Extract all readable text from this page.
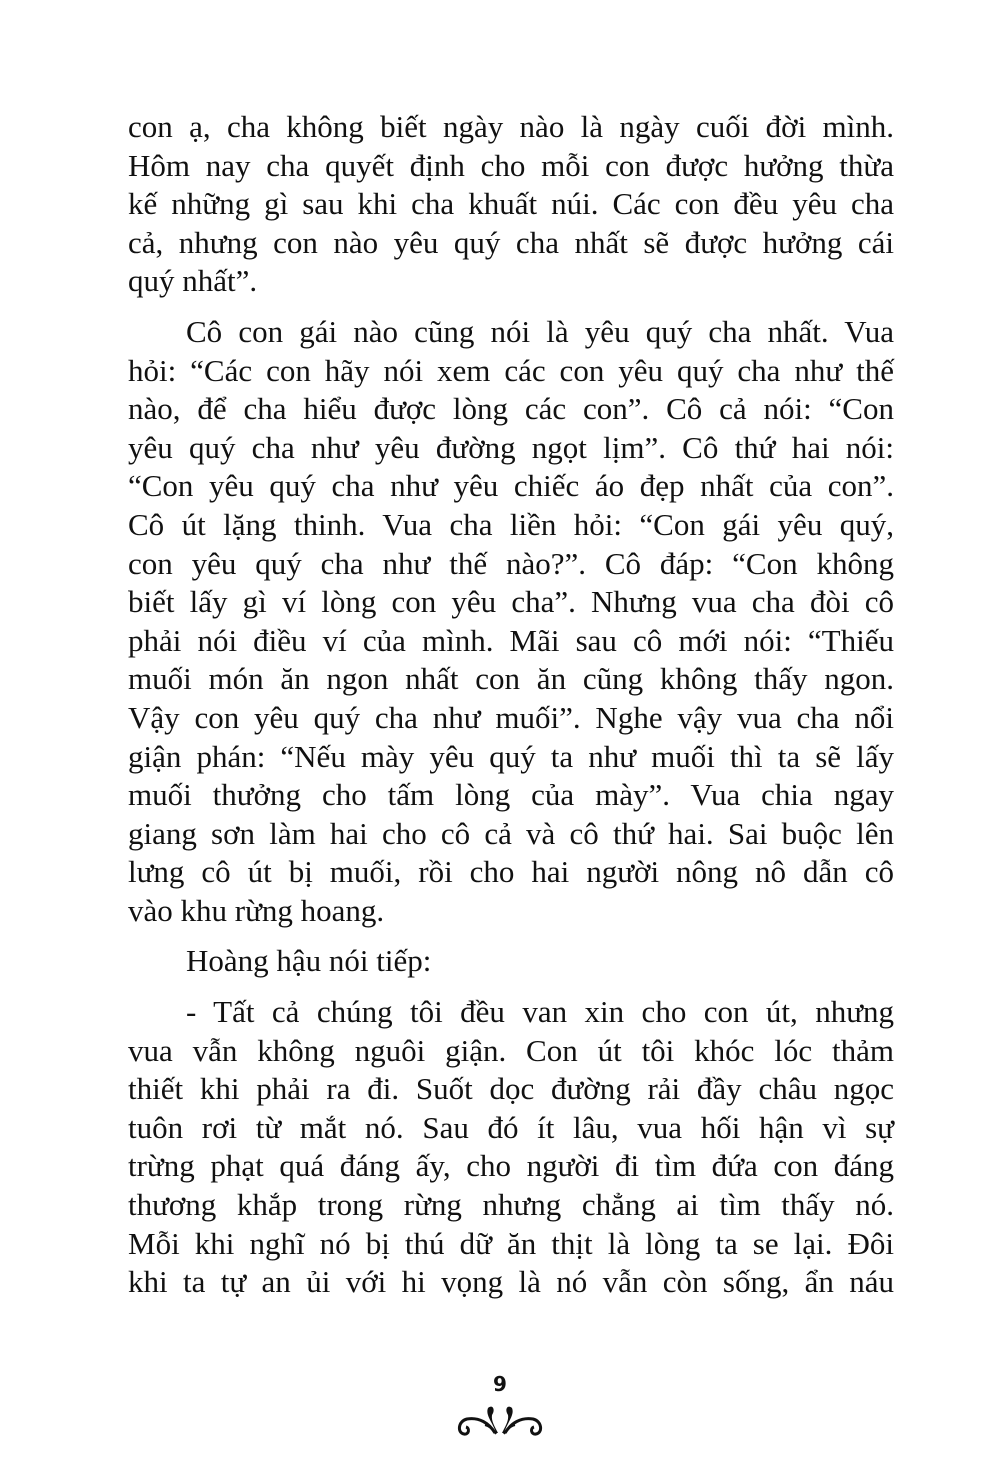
con ạ, cha không biết ngày nào là ngày cuối đời mình.
Hôm nay cha quyết định cho mỗi con được hưởng thừa
kế những gì sau khi cha khuất núi. Các con đều yêu cha
cả, nhưng con nào yêu quý cha nhất sẽ được hưởng cái
quý nhất”.
Cô con gái nào cũng nói là yêu quý cha nhất. Vua
hỏi: “Các con hãy nói xem các con yêu quý cha như thế
nào, để cha hiểu được lòng các con”. Cô cả nói: “Con
yêu quý cha như yêu đường ngọt lịm”. Cô thứ hai nói:
“Con yêu quý cha như yêu chiếc áo đẹp nhất của con”.
Cô út lặng thinh. Vua cha liền hỏi: “Con gái yêu quý,
con yêu quý cha như thế nào?”. Cô đáp: “Con không
biết lấy gì ví lòng con yêu cha”. Nhưng vua cha đòi cô
phải nói điều ví của mình. Mãi sau cô mới nói: “Thiếu
muối món ăn ngon nhất con ăn cũng không thấy ngon.
Vậy con yêu quý cha như muối”. Nghe vậy vua cha nổi
giận phán: “Nếu mày yêu quý ta như muối thì ta sẽ lấy
muối thưởng cho tấm lòng của mày”. Vua chia ngay
giang sơn làm hai cho cô cả và cô thứ hai. Sai buộc lên
lưng cô út bị muối, rồi cho hai người nông nô dẫn cô
vào khu rừng hoang.
Hoàng hậu nói tiếp:
- Tất cả chúng tôi đều van xin cho con út, nhưng
vua vẫn không nguôi giận. Con út tôi khóc lóc thảm
thiết khi phải ra đi. Suốt dọc đường rải đầy châu ngọc
tuôn rơi từ mắt nó. Sau đó ít lâu, vua hối hận vì sự
trừng phạt quá đáng ấy, cho người đi tìm đứa con đáng
thương khắp trong rừng nhưng chẳng ai tìm thấy nó.
Mỗi khi nghĩ nó bị thú dữ ăn thịt là lòng ta se lại. Đôi
khi ta tự an ủi với hi vọng là nó vẫn còn sống, ẩn náu
9
